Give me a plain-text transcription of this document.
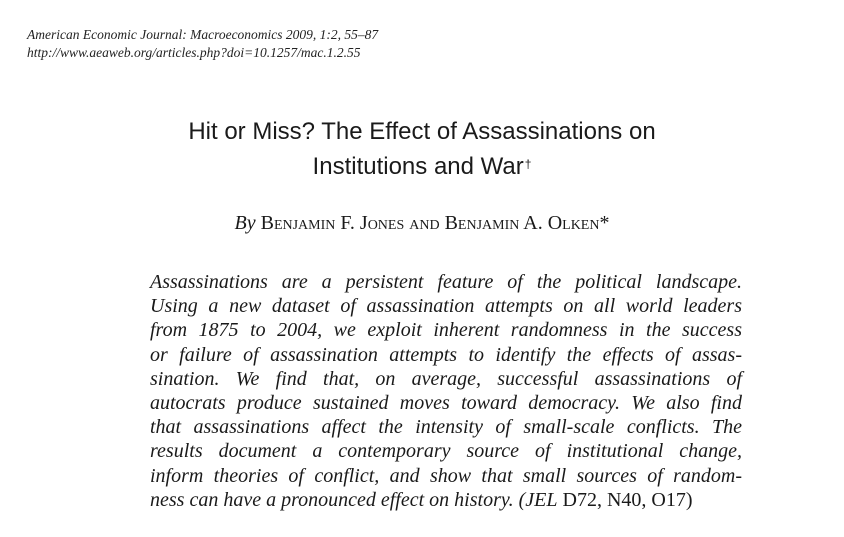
American Economic Journal: Macroeconomics 2009, 1:2, 55–87
http://www.aeaweb.org/articles.php?doi=10.1257/mac.1.2.55
Hit or Miss? The Effect of Assassinations on
Institutions and War†
By Benjamin F. Jones and Benjamin A. Olken*
Assassinations are a persistent feature of the political landscape.
Using a new dataset of assassination attempts on all world leaders
from 1875 to 2004, we exploit inherent randomness in the success
or failure of assassination attempts to identify the effects of assas-
sination. We find that, on average, successful assassinations of
autocrats produce sustained moves toward democracy. We also find
that assassinations affect the intensity of small-scale conflicts. The
results document a contemporary source of institutional change,
inform theories of conflict, and show that small sources of random-
ness can have a pronounced effect on history. (JEL D72, N40, O17)
